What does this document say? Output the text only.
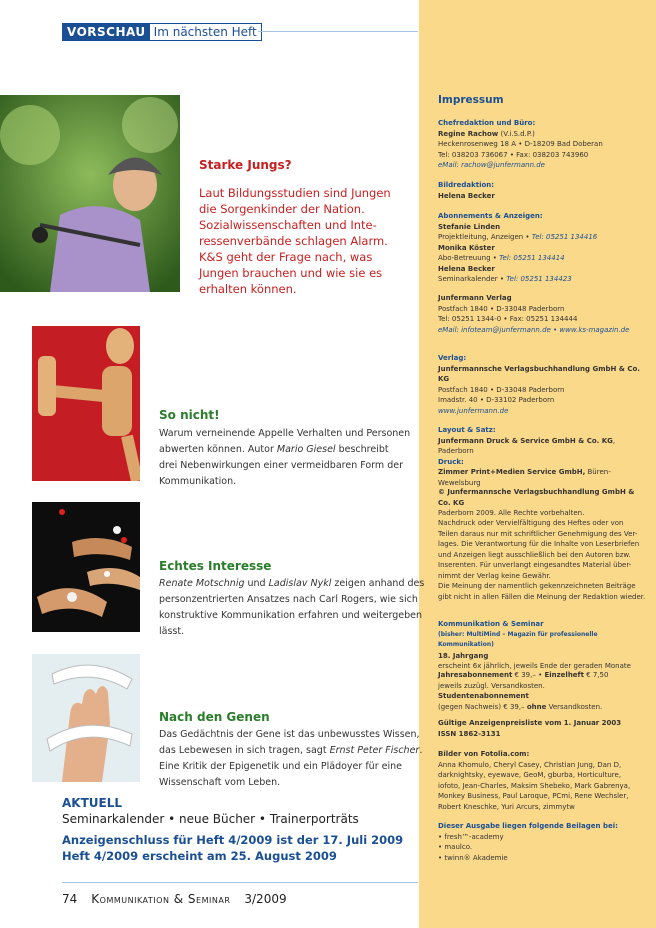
VORSCHAU Im nächsten Heft
Starke Jungs?
Laut Bildungsstudien sind Jungen
die Sorgenkinder der Nation.
Sozialwissenschaften und Inte-
ressenverbände schlagen Alarm.
K&S geht der Frage nach, was
Jungen brauchen und wie sie es
erhalten können.
So nicht!
Warum verneinende Appelle Verhalten und Personen
abwerten können. Autor Mario Giesel beschreibt
drei Nebenwirkungen einer vermeidbaren Form der
Kommunikation.
Echtes Interesse
Renate Motschnig und Ladislav Nykl zeigen anhand des
personzentrierten Ansatzes nach Carl Rogers, wie sich
konstruktive Kommunikation erfahren und weitergeben
lässt.
Nach den Genen
Das Gedächtnis der Gene ist das unbewusstes Wissen,
das Lebewesen in sich tragen, sagt Ernst Peter Fischer.
Eine Kritik der Epigenetik und ein Plädoyer für eine
Wissenschaft vom Leben.
AKTUELL
Seminarkalender • neue Bücher • Trainerporträts
Anzeigenschluss für Heft 4/2009 ist der 17. Juli 2009
Heft 4/2009 erscheint am 25. August 2009
74 Kommunikation & Seminar 3/2009
Impressum
Chefredaktion und Büro:
Regine Rachow (V.i.S.d.P.)
Heckenrosenweg 18 A • D-18209 Bad Doberan
Tel: 038203 736067 • Fax: 038203 743960
eMail: rachow@junfermann.de
Bildredaktion:
Helena Becker
Abonnements & Anzeigen:
Stefanie Linden
Projektleitung, Anzeigen • Tel: 05251 134416
Monika Köster
Abo-Betreuung • Tel: 05251 134414
Helena Becker
Seminarkalender • Tel: 05251 134423
Junfermann Verlag
Postfach 1840 • D-33048 Paderborn
Tel: 05251 1344-0 • Fax: 05251 134444
eMail: infoteam@junfermann.de • www.ks-magazin.de
Verlag:
Junfermannsche Verlagsbuchhandlung GmbH & Co. KG
Postfach 1840 • D-33048 Paderborn
Imadstr. 40 • D-33102 Paderborn
www.junfermann.de
Layout & Satz:
Junfermann Druck & Service GmbH & Co. KG, Paderborn
Druck:
Zimmer Print+Medien Service GmbH, Büren-Wewelsburg
© Junfermannsche Verlagsbuchhandlung GmbH & Co. KG
Paderborn 2009. Alle Rechte vorbehalten.
Nachdruck oder Vervielfältigung des Heftes oder von
Teilen daraus nur mit schriftlicher Genehmigung des Ver-
lages. Die Verantwortung für die Inhalte von Leserbriefen
und Anzeigen liegt ausschließlich bei den Autoren bzw.
Inserenten. Für unverlangt eingesandtes Material über-
nimmt der Verlag keine Gewähr.
Die Meinung der namentlich gekennzeichneten Beiträge
gibt nicht in allen Fällen die Meinung der Redaktion wieder.
Kommunikation & Seminar
(bisher: MultiMind – Magazin für professionelle Kommunikation)
18. Jahrgang
erscheint 6x jährlich, jeweils Ende der geraden Monate
Jahresabonnement € 39,– • Einzelheft € 7,50
jeweils zuzügl. Versandkosten.
Studentenabonnement
(gegen Nachweis) € 39,– ohne Versandkosten.
Gültige Anzeigenpreisliste vom 1. Januar 2003
ISSN 1862-3131
Bilder von Fotolia.com:
Anna Khomulo, Cheryl Casey, Christian Jung, Dan D,
darknightsky, eyewave, GeoM, gburba, Horticulture,
iofoto, Jean-Charles, Maksim Shebeko, Mark Gabrenya,
Monkey Business, Paul Laroque, PCmi, Rene Wechsler,
Robert Kneschke, Yuri Arcurs, zimmytw
Dieser Ausgabe liegen folgende Beilagen bei:
• fresh™-academy
• maulco.
• twinn® Akademie
